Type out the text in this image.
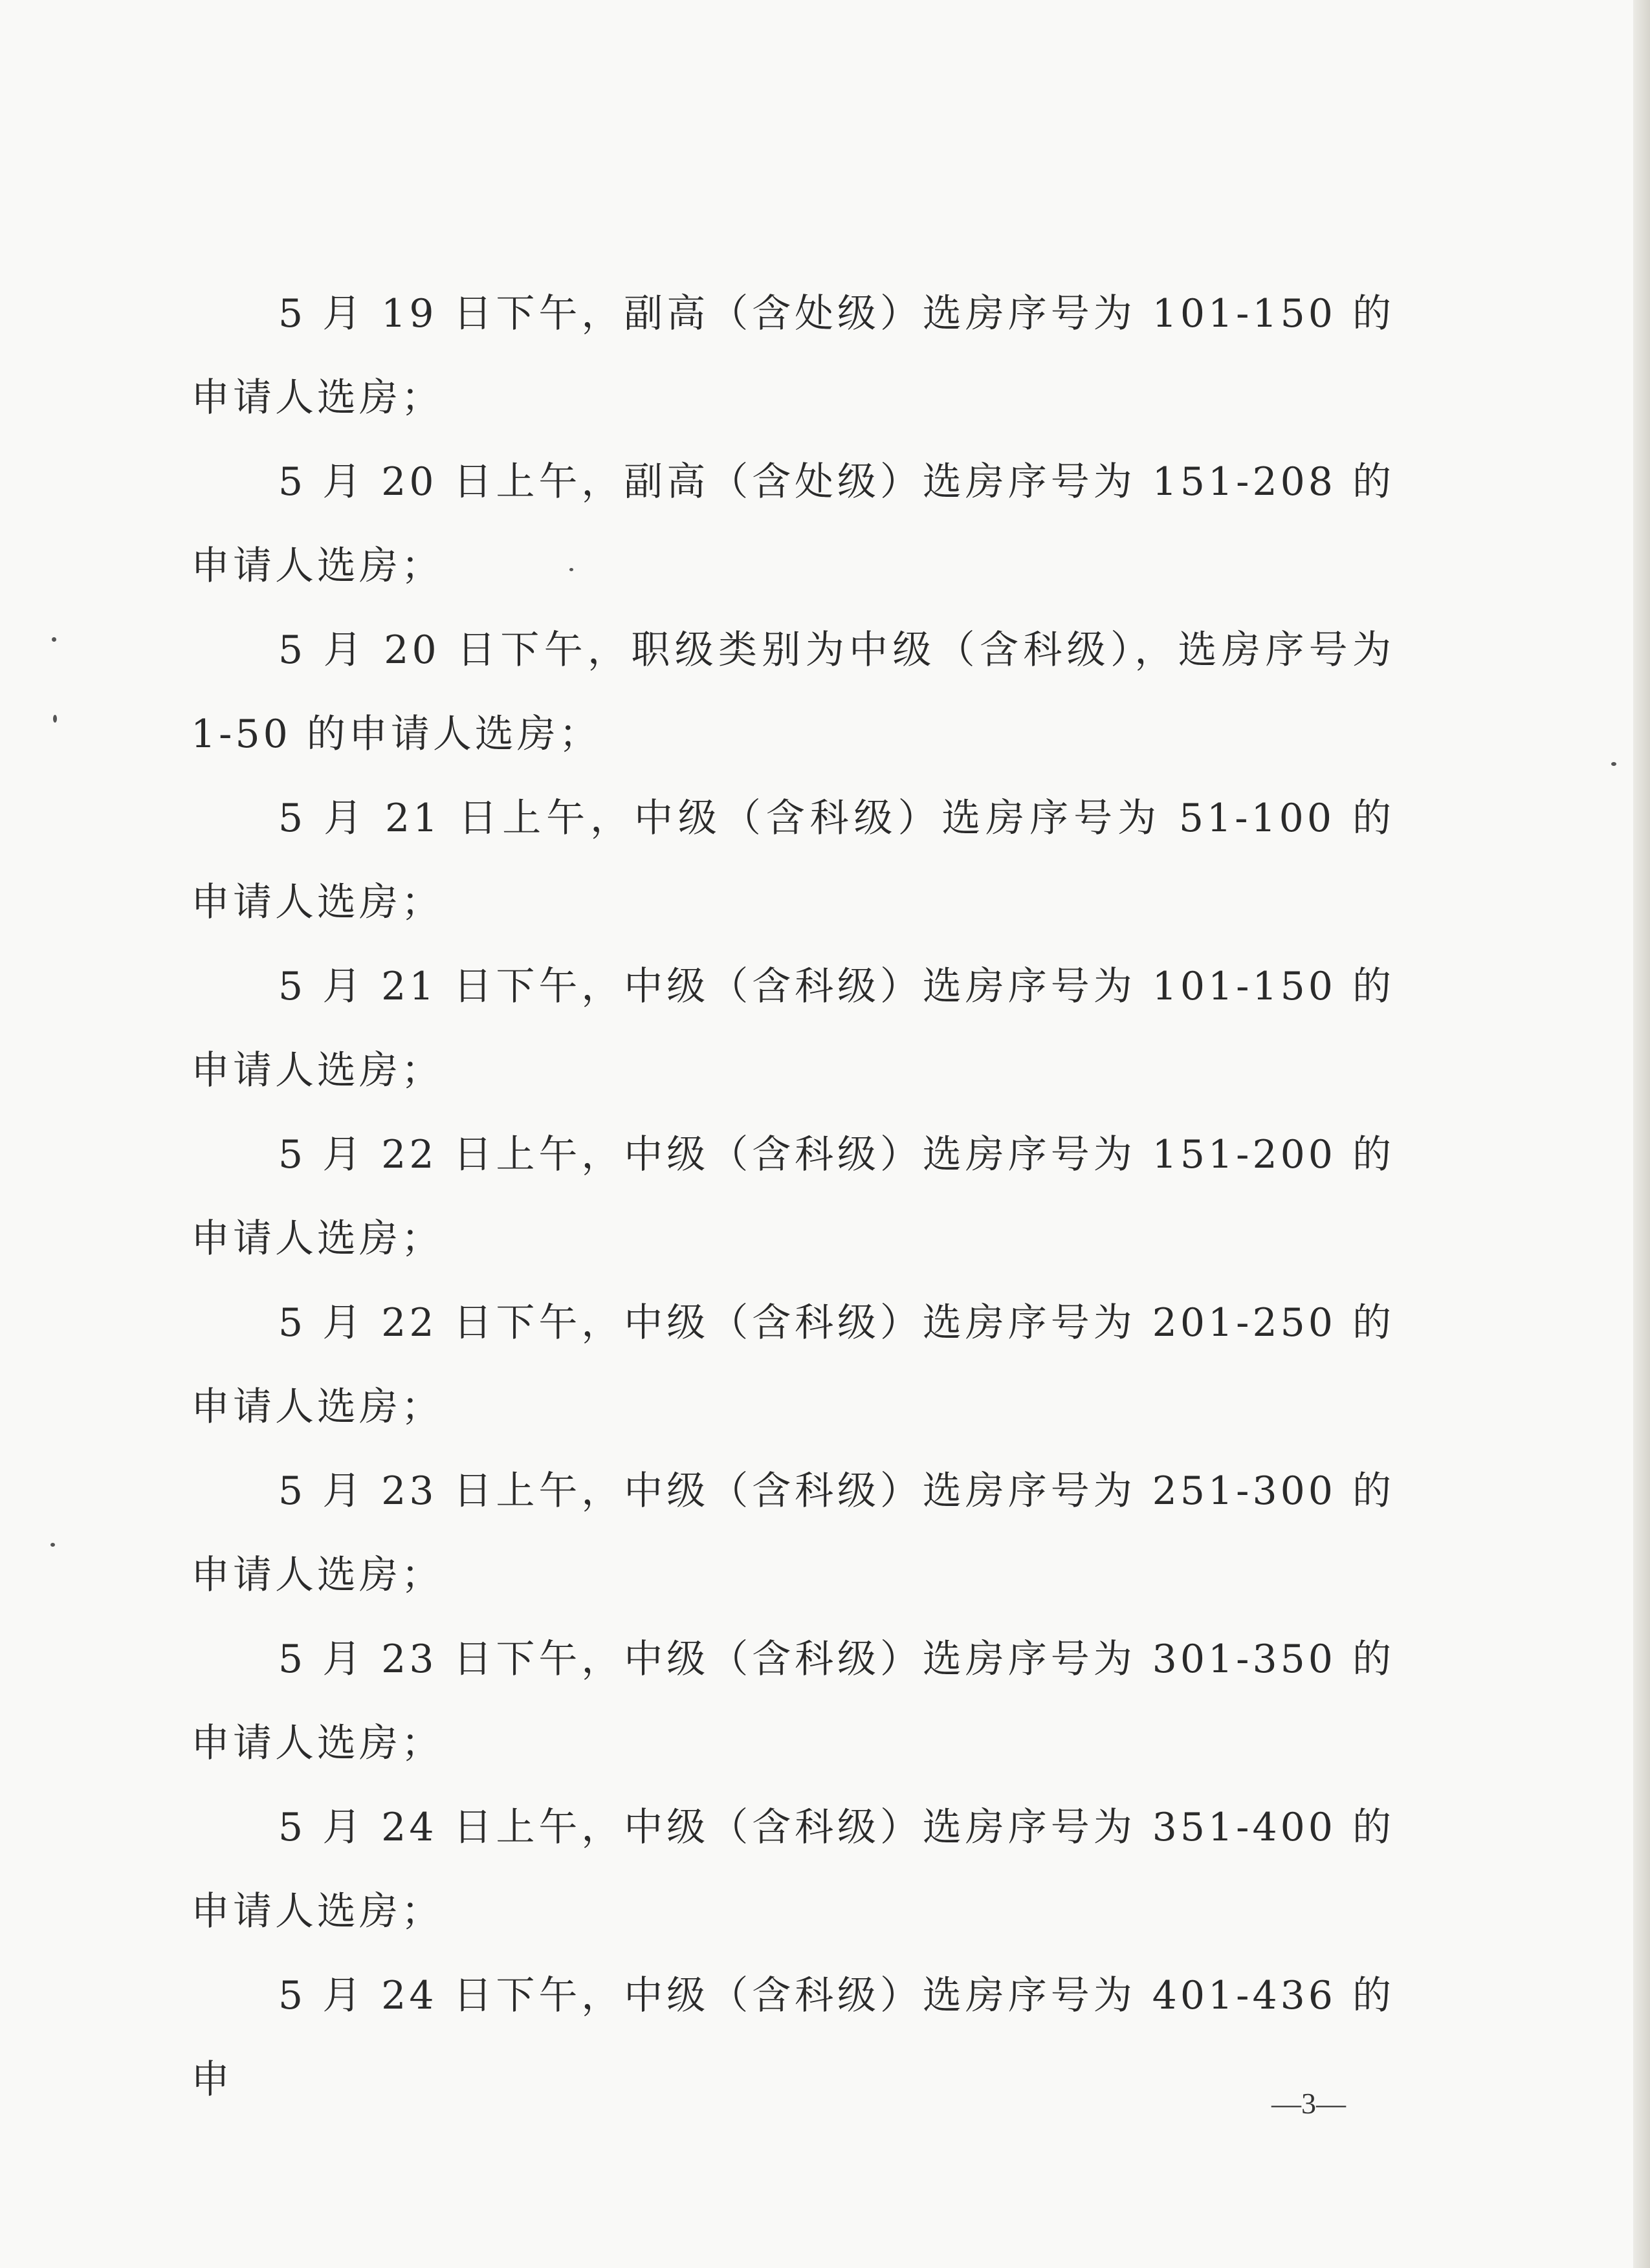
5 月 19 日下午，副高（含处级）选房序号为 101-150 的申请人选房；

5 月 20 日上午，副高（含处级）选房序号为 151-208 的申请人选房；

5 月 20 日下午，职级类别为中级（含科级），选房序号为 1-50 的申请人选房；

5 月 21 日上午，中级（含科级）选房序号为 51-100 的申请人选房；

5 月 21 日下午，中级（含科级）选房序号为 101-150 的申请人选房；

5 月 22 日上午，中级（含科级）选房序号为 151-200 的申请人选房；

5 月 22 日下午，中级（含科级）选房序号为 201-250 的申请人选房；

5 月 23 日上午，中级（含科级）选房序号为 251-300 的申请人选房；

5 月 23 日下午，中级（含科级）选房序号为 301-350 的申请人选房；

5 月 24 日上午，中级（含科级）选房序号为 351-400 的申请人选房；

5 月 24 日下午，中级（含科级）选房序号为 401-436 的申

—3—
